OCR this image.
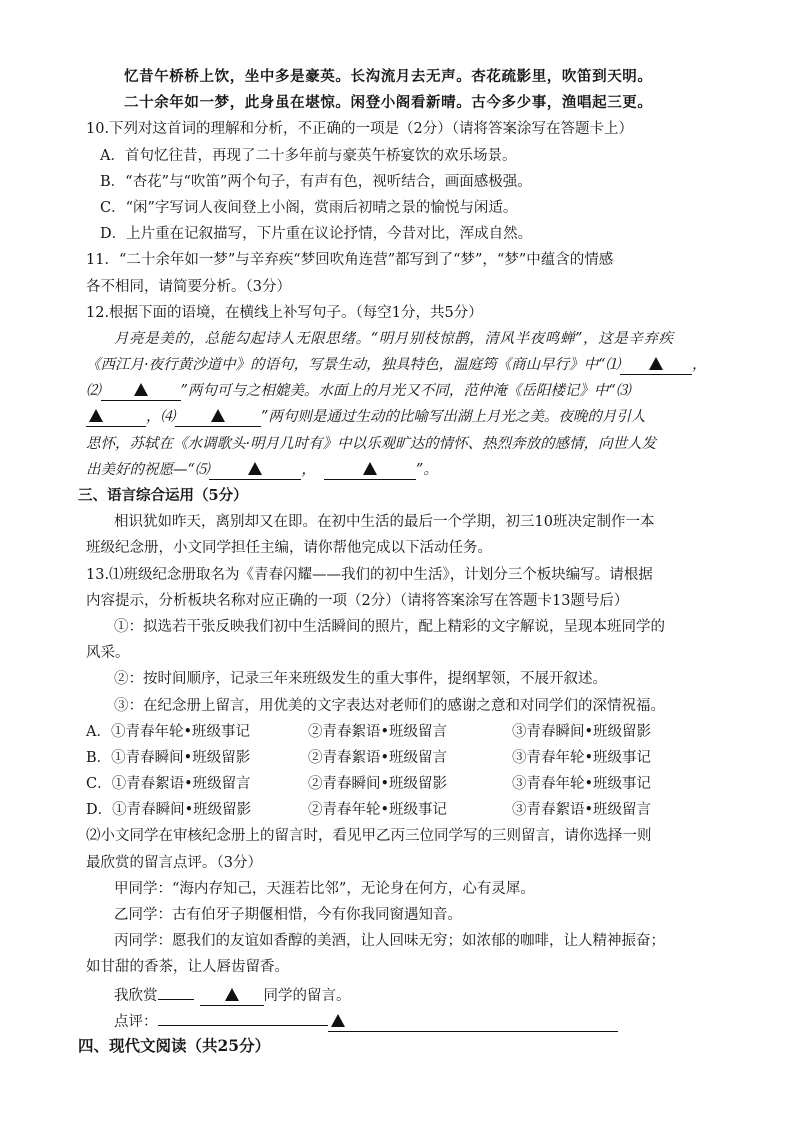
忆昔午桥桥上饮，坐中多是豪英。长沟流月去无声。杏花疏影里，吹笛到天明。
二十余年如一梦，此身虽在堪惊。闲登小阁看新晴。古今多少事，渔唱起三更。
10.下列对这首词的理解和分析，不正确的一项是（2分）（请将答案涂写在答题卡上）
A．首句忆往昔，再现了二十多年前与豪英午桥宴饮的欢乐场景。
B．“杏花”与“吹笛”两个句子，有声有色，视听结合，画面感极强。
C．“闲”字写词人夜间登上小阁，赏雨后初晴之景的愉悦与闲适。
D．上片重在记叙描写，下片重在议论抒情，今昔对比，浑成自然。
11．“二十余年如一梦”与辛弃疾“梦回吹角连营”都写到了“梦”，“梦”中蕴含的情感
各不相同，请简要分析。（3分）
12.根据下面的语境，在横线上补写句子。（每空1分，共5分）
月亮是美的，总能勾起诗人无限思绪。“明月别枝惊鹊，清风半夜鸣蝉”，这是辛弃疾
《西江月·夜行黄沙道中》的语句，写景生动，独具特色，温庭筠《商山早行》中“⑴	，
⑵	”两句可与之相媲美。水面上的月光又不同，范仲淹《岳阳楼记》中“⑶
，⑷	”两句则是通过生动的比喻写出湖上月光之美。夜晚的月引人
思怀，苏轼在《水调歌头·明月几时有》中以乐观旷达的情怀、热烈奔放的感情，向世人发
出美好的祝愿—“⑸	，	”。
三、语言综合运用（5分）
相识犹如昨天，离别却又在即。在初中生活的最后一个学期，初三10班决定制作一本
班级纪念册，小文同学担任主编，请你帮他完成以下活动任务。
13.⑴班级纪念册取名为《青春闪耀——我们的初中生活》，计划分三个板块编写。请根据
内容提示，分析板块名称对应正确的一项（2分）（请将答案涂写在答题卡13题号后）
①：拟选若干张反映我们初中生活瞬间的照片，配上精彩的文字解说，呈现本班同学的
风采。
②：按时间顺序，记录三年来班级发生的重大事件，提纲挈领，不展开叙述。
③：在纪念册上留言，用优美的文字表达对老师们的感谢之意和对同学们的深情祝福。
A．①青春年轮•班级事记	②青春絮语•班级留言	③青春瞬间•班级留影
B．①青春瞬间•班级留影	②青春絮语•班级留言	③青春年轮•班级事记
C．①青春絮语•班级留言	②青春瞬间•班级留影	③青春年轮•班级事记
D．①青春瞬间•班级留影	②青春年轮•班级事记	③青春絮语•班级留言
⑵小文同学在审核纪念册上的留言时，看见甲乙丙三位同学写的三则留言，请你选择一则
最欣赏的留言点评。（3分）
甲同学：“海内存知己，天涯若比邻”，无论身在何方，心有灵犀。
乙同学：古有伯牙子期偃相惜，今有你我同窗遇知音。
丙同学：愿我们的友谊如香醇的美酒，让人回味无穷；如浓郁的咖啡，让人精神振奋；
如甘甜的香茶，让人唇齿留香。
我欣赏	同学的留言。
点评：
四、现代文阅读（共25分）
